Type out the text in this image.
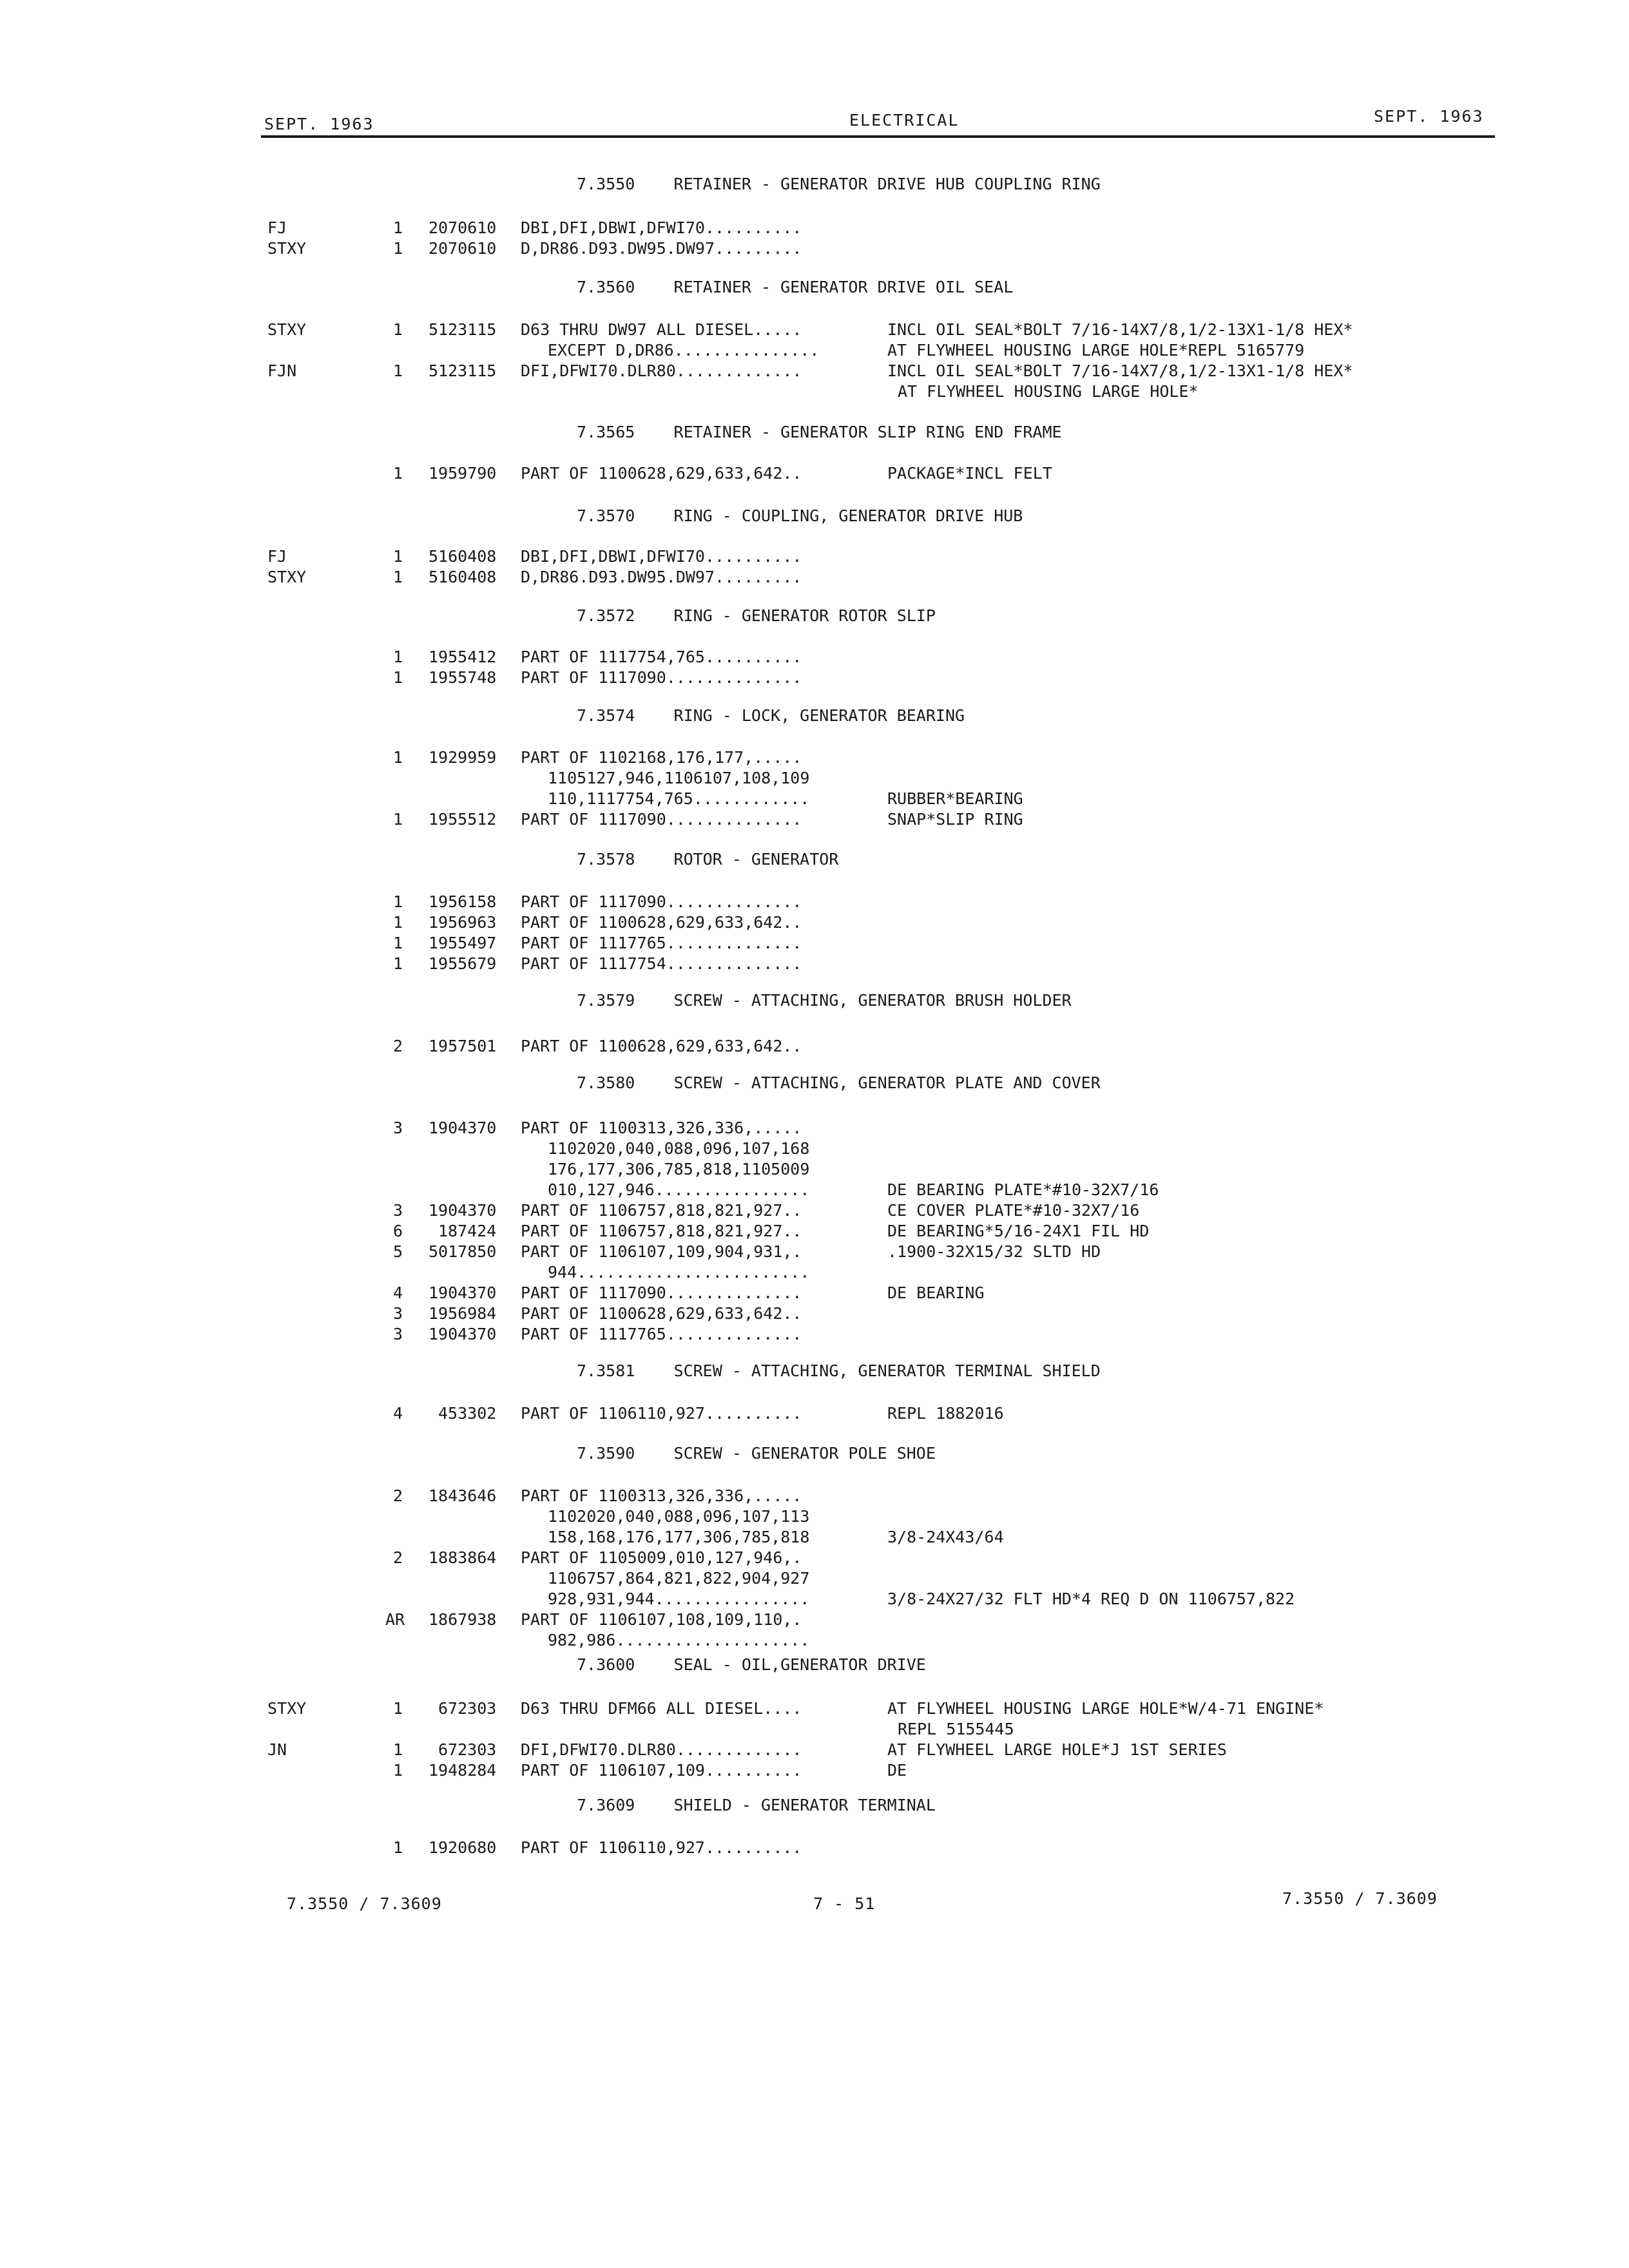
SEPT. 1963	ELECTRICAL	SEPT. 1963
7.3550    RETAINER - GENERATOR DRIVE HUB COUPLING RING
FJ	1 2070610 DBI,DFI,DBWI,DFWI70..........
STXY	1 2070610 D,DR86.D93.DW95.DW97.........
7.3560    RETAINER - GENERATOR DRIVE OIL SEAL
STXY	1 5123115 D63 THRU DW97 ALL DIESEL.....	INCL OIL SEAL*BOLT 7/16-14X7/8,1/2-13X1-1/8 HEX*
EXCEPT D,DR86...............	AT FLYWHEEL HOUSING LARGE HOLE*REPL 5165779
FJN	1 5123115 DFI,DFWI70.DLR80.............	INCL OIL SEAL*BOLT 7/16-14X7/8,1/2-13X1-1/8 HEX*
AT FLYWHEEL HOUSING LARGE HOLE*
7.3565    RETAINER - GENERATOR SLIP RING END FRAME
1 1959790 PART OF 1100628,629,633,642..	PACKAGE*INCL FELT
7.3570    RING - COUPLING, GENERATOR DRIVE HUB
FJ	1 5160408 DBI,DFI,DBWI,DFWI70..........
STXY	1 5160408 D,DR86.D93.DW95.DW97.........
7.3572    RING - GENERATOR ROTOR SLIP
1 1955412 PART OF 1117754,765..........
1 1955748 PART OF 1117090..............
7.3574    RING - LOCK, GENERATOR BEARING
1 1929959 PART OF 1102168,176,177,.....
1105127,946,1106107,108,109
110,1117754,765............	RUBBER*BEARING
1 1955512 PART OF 1117090..............	SNAP*SLIP RING
7.3578    ROTOR - GENERATOR
1 1956158 PART OF 1117090..............
1 1956963 PART OF 1100628,629,633,642..
1 1955497 PART OF 1117765..............
1 1955679 PART OF 1117754..............
7.3579    SCREW - ATTACHING, GENERATOR BRUSH HOLDER
2 1957501 PART OF 1100628,629,633,642..
7.3580    SCREW - ATTACHING, GENERATOR PLATE AND COVER
3 1904370 PART OF 1100313,326,336,.....
1102020,040,088,096,107,168
176,177,306,785,818,1105009
010,127,946................	DE BEARING PLATE*#10-32X7/16
3 1904370 PART OF 1106757,818,821,927..	CE COVER PLATE*#10-32X7/16
6 187424 PART OF 1106757,818,821,927..	DE BEARING*5/16-24X1 FIL HD
5 5017850 PART OF 1106107,109,904,931,.	.1900-32X15/32 SLTD HD
944........................
4 1904370 PART OF 1117090..............	DE BEARING
3 1956984 PART OF 1100628,629,633,642..
3 1904370 PART OF 1117765..............
7.3581    SCREW - ATTACHING, GENERATOR TERMINAL SHIELD
4 453302 PART OF 1106110,927..........	REPL 1882016
7.3590    SCREW - GENERATOR POLE SHOE
2 1843646 PART OF 1100313,326,336,.....
1102020,040,088,096,107,113
158,168,176,177,306,785,818	3/8-24X43/64
2 1883864 PART OF 1105009,010,127,946,.
1106757,864,821,822,904,927
928,931,944................	3/8-24X27/32 FLT HD*4 REQ D ON 1106757,822
AR 1867938 PART OF 1106107,108,109,110,.
982,986....................
7.3600    SEAL - OIL,GENERATOR DRIVE
STXY	1 672303 D63 THRU DFM66 ALL DIESEL....	AT FLYWHEEL HOUSING LARGE HOLE*W/4-71 ENGINE*
REPL 5155445
JN	1 672303 DFI,DFWI70.DLR80.............	AT FLYWHEEL LARGE HOLE*J 1ST SERIES
1 1948284 PART OF 1106107,109..........	DE
7.3609    SHIELD - GENERATOR TERMINAL
1 1920680 PART OF 1106110,927..........
7.3550 / 7.3609	7 - 51	7.3550 / 7.3609
